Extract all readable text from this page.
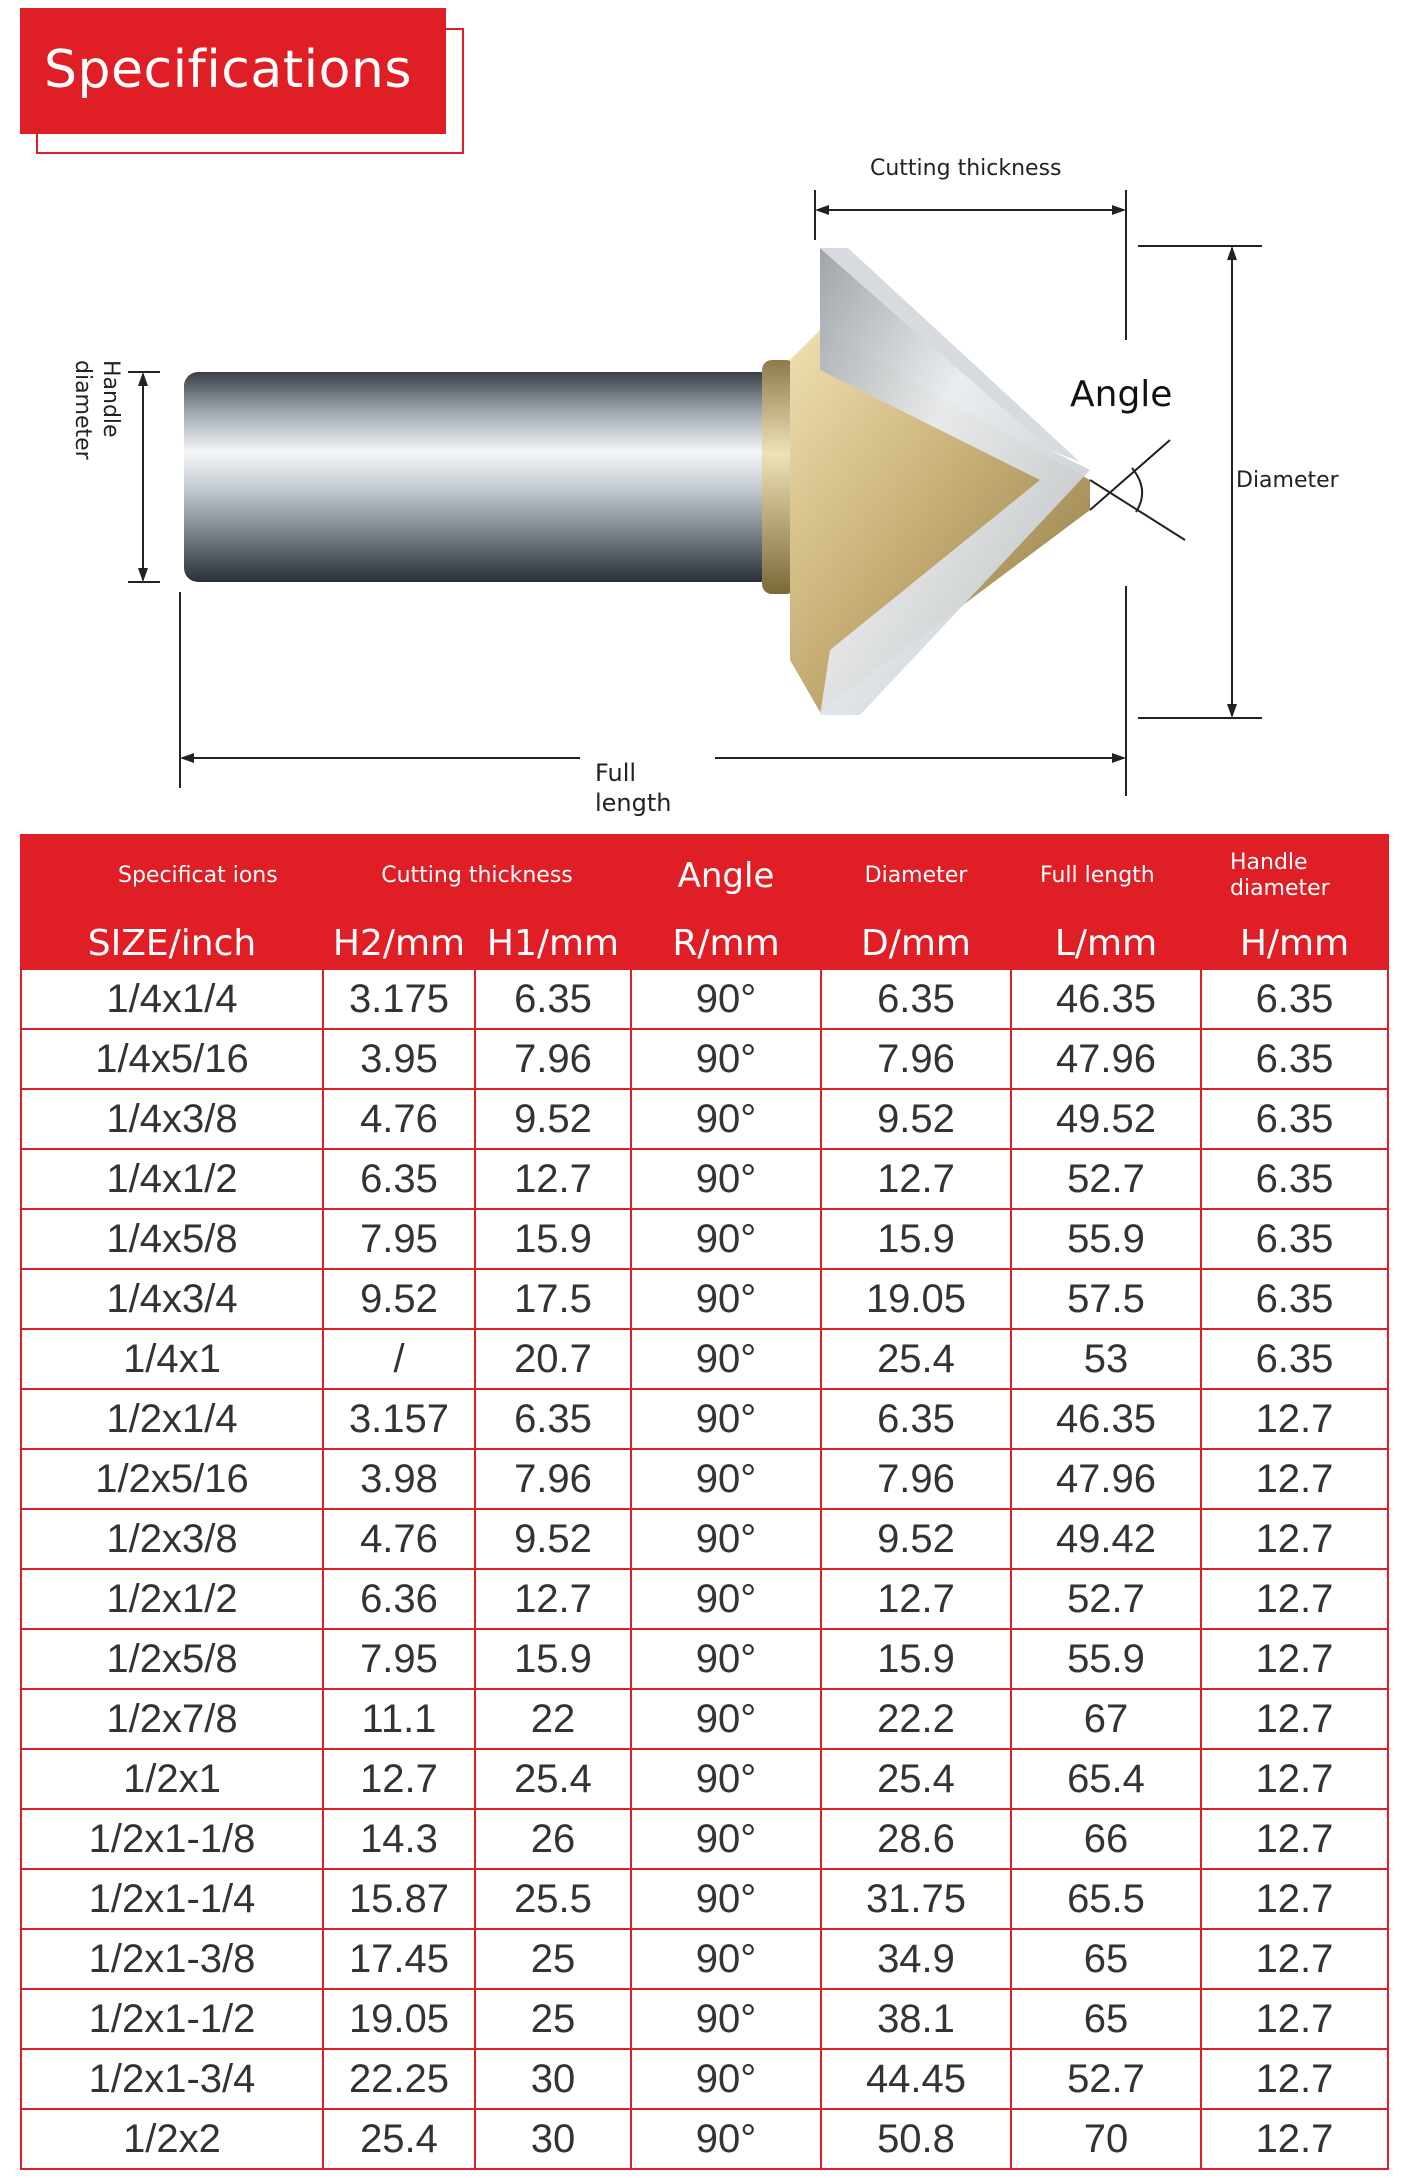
Specifications
Cutting thickness
Angle
Diameter
Full
length
Handle
diameter
Specificat ions	Cutting thickness		Angle	Diameter	Full length	Handle diameter
SIZE/inch	H2/mm	H1/mm	R/mm	D/mm	L/mm	H/mm
1/4x1/4	3.175	6.35	90°	6.35	46.35	6.35
1/4x5/16	3.95	7.96	90°	7.96	47.96	6.35
1/4x3/8	4.76	9.52	90°	9.52	49.52	6.35
1/4x1/2	6.35	12.7	90°	12.7	52.7	6.35
1/4x5/8	7.95	15.9	90°	15.9	55.9	6.35
1/4x3/4	9.52	17.5	90°	19.05	57.5	6.35
1/4x1	/	20.7	90°	25.4	53	6.35
1/2x1/4	3.157	6.35	90°	6.35	46.35	12.7
1/2x5/16	3.98	7.96	90°	7.96	47.96	12.7
1/2x3/8	4.76	9.52	90°	9.52	49.42	12.7
1/2x1/2	6.36	12.7	90°	12.7	52.7	12.7
1/2x5/8	7.95	15.9	90°	15.9	55.9	12.7
1/2x7/8	11.1	22	90°	22.2	67	12.7
1/2x1	12.7	25.4	90°	25.4	65.4	12.7
1/2x1-1/8	14.3	26	90°	28.6	66	12.7
1/2x1-1/4	15.87	25.5	90°	31.75	65.5	12.7
1/2x1-3/8	17.45	25	90°	34.9	65	12.7
1/2x1-1/2	19.05	25	90°	38.1	65	12.7
1/2x1-3/4	22.25	30	90°	44.45	52.7	12.7
1/2x2	25.4	30	90°	50.8	70	12.7
